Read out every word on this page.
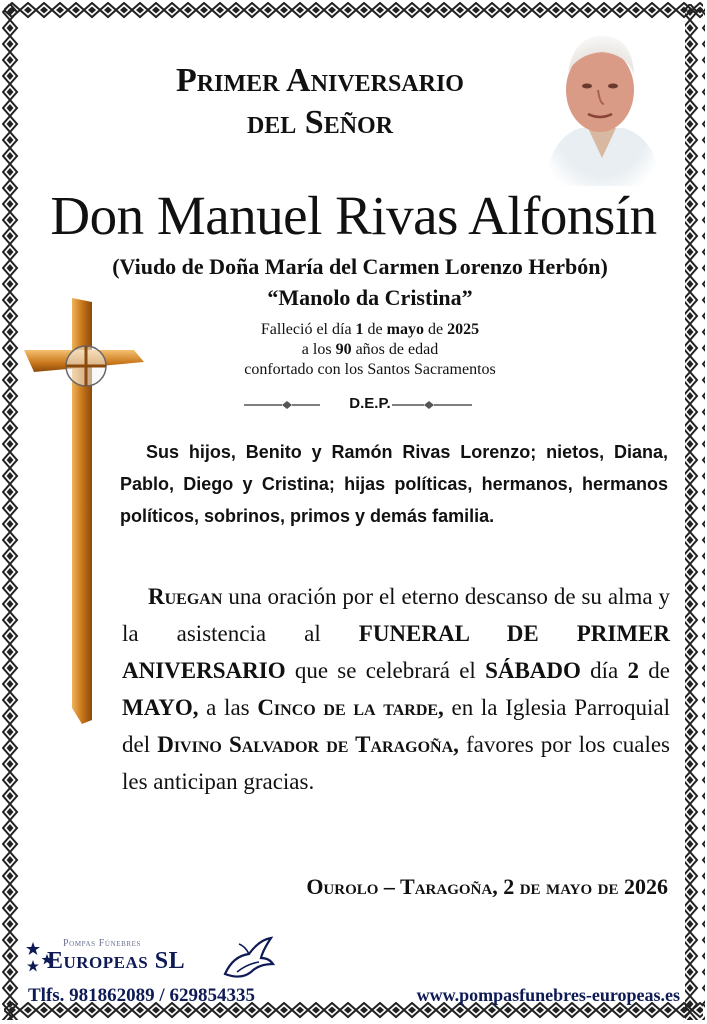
Primer Aniversario
del Señor
Don Manuel Rivas Alfonsín
(Viudo de Doña María del Carmen Lorenzo Herbón)
“Manolo da Cristina”
Falleció el día 1 de mayo de 2025
a los 90 años de edad
confortado con los Santos Sacramentos
D.E.P.
Sus hijos, Benito y Ramón Rivas Lorenzo; nietos, Diana, Pablo, Diego y Cristina; hijas políticas, hermanos, hermanos políticos, sobrinos, primos y demás familia.
Ruegan una oración por el eterno descanso de su alma y la asistencia al FUNERAL DE PRIMER ANIVERSARIO que se celebrará el SÁBADO día 2 de MAYO, a las Cinco de la tarde, en la Iglesia Parroquial del Divino Salvador de Taragoña, favores por los cuales les anticipan gracias.
Ourolo – Taragoña, 2 de mayo de 2026
Pompas Fúnebres
Europeas SL
Tlfs. 981862089 / 629854335	www.pompasfunebres-europeas.es
